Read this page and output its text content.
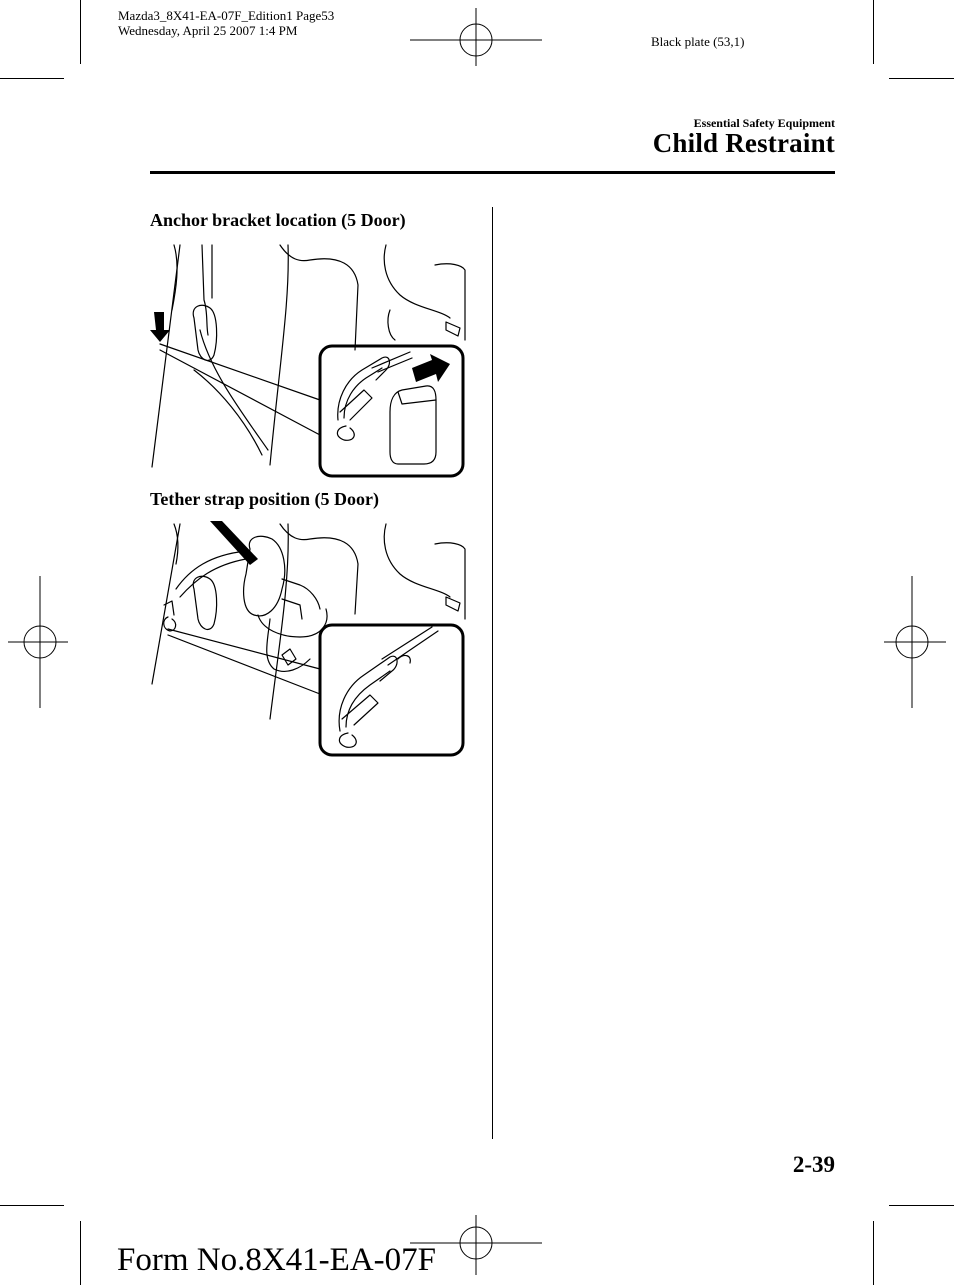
Mazda3_8X41-EA-07F_Edition1 Page53
Wednesday, April 25 2007 1:4 PM
Black plate (53,1)
Essential Safety Equipment
Child Restraint
Anchor bracket location (5 Door)
Tether strap position (5 Door)
2-39
Form No.8X41-EA-07F
